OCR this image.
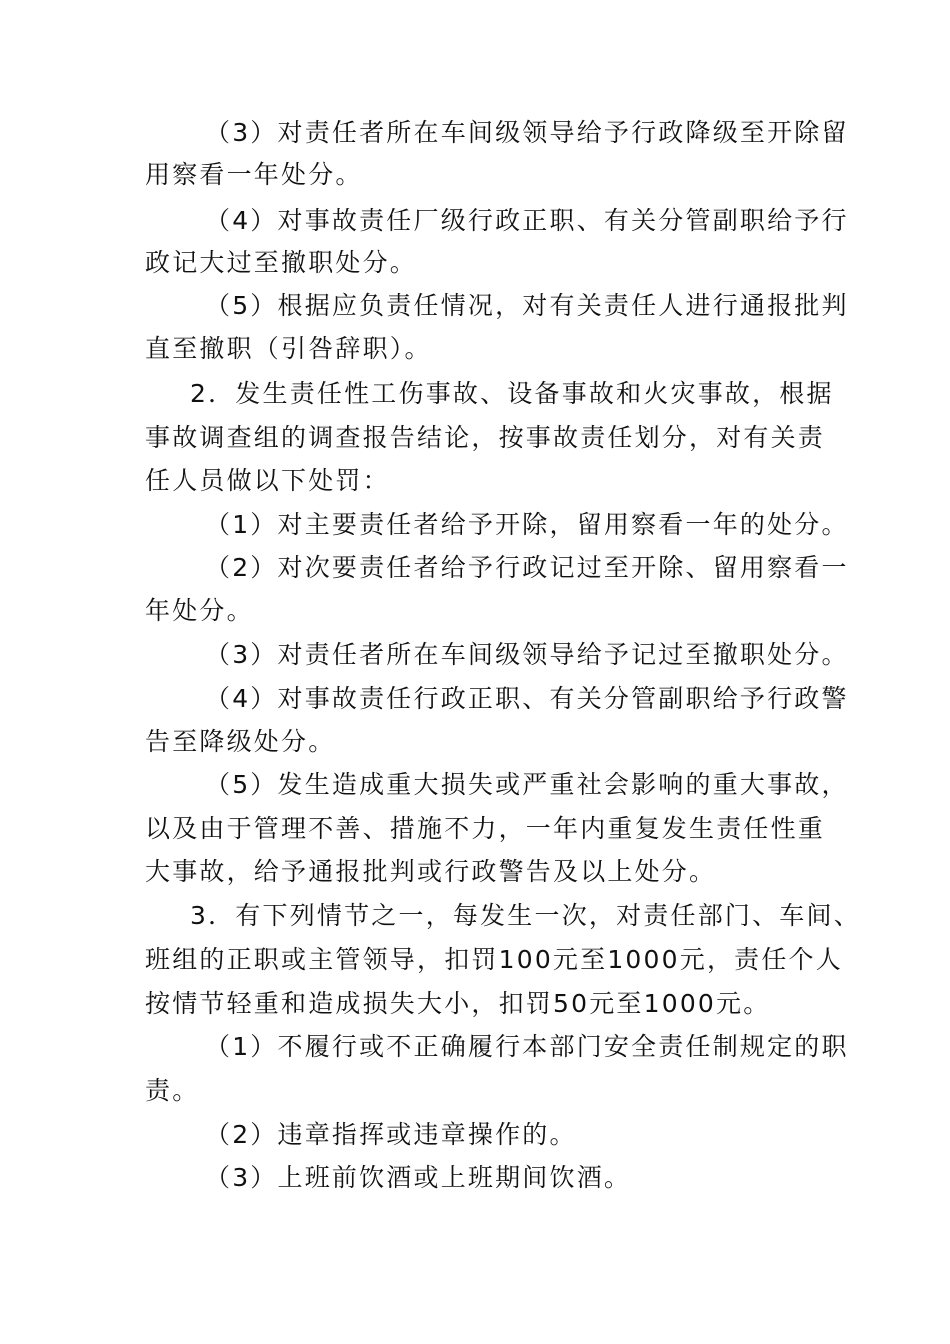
（3）对责任者所在车间级领导给予行政降级至开除留
用察看一年处分。
（4）对事故责任厂级行政正职、有关分管副职给予行
政记大过至撤职处分。
（5）根据应负责任情况，对有关责任人进行通报批判
直至撤职（引咎辞职）。
2．发生责任性工伤事故、设备事故和火灾事故，根据
事故调查组的调查报告结论，按事故责任划分，对有关责
任人员做以下处罚：
（1）对主要责任者给予开除，留用察看一年的处分。
（2）对次要责任者给予行政记过至开除、留用察看一
年处分。
（3）对责任者所在车间级领导给予记过至撤职处分。
（4）对事故责任行政正职、有关分管副职给予行政警
告至降级处分。
（5）发生造成重大损失或严重社会影响的重大事故，
以及由于管理不善、措施不力，一年内重复发生责任性重
大事故，给予通报批判或行政警告及以上处分。
3．有下列情节之一，每发生一次，对责任部门、车间、
班组的正职或主管领导，扣罚100元至1000元，责任个人
按情节轻重和造成损失大小，扣罚50元至1000元。
（1）不履行或不正确履行本部门安全责任制规定的职
责。
（2）违章指挥或违章操作的。
（3）上班前饮酒或上班期间饮酒。
